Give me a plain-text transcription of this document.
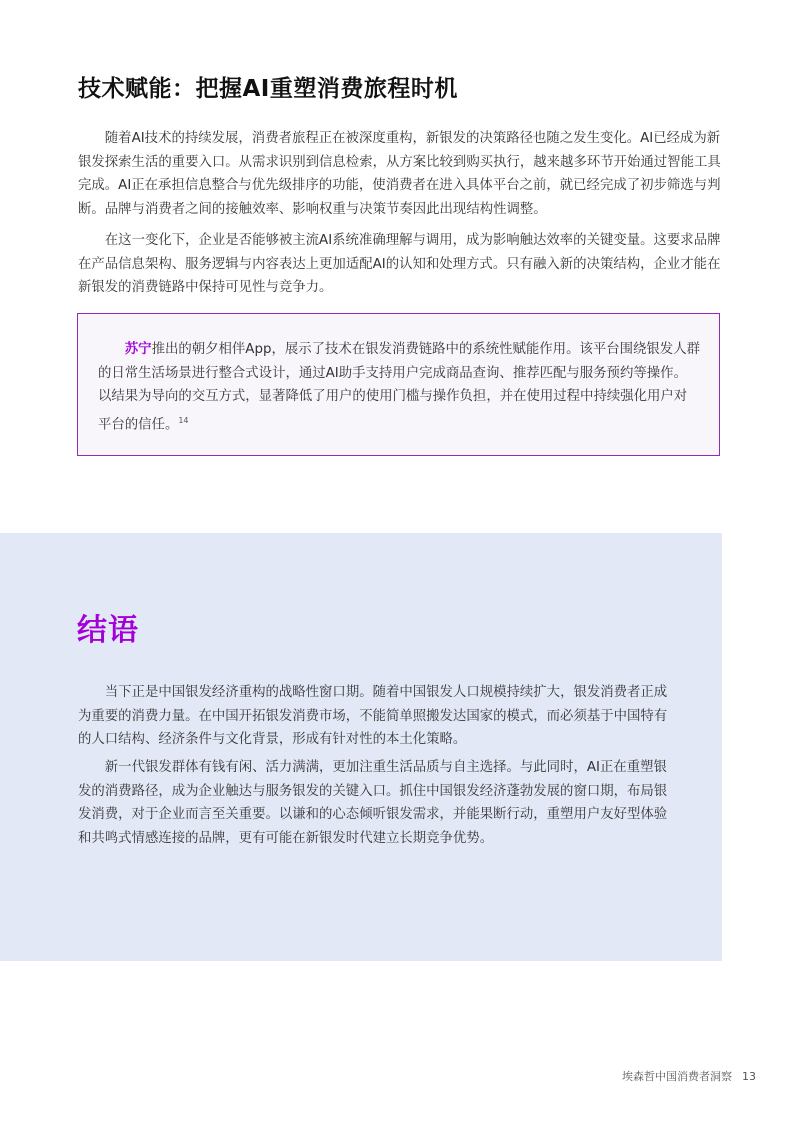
技术赋能：把握AI重塑消费旅程时机

随着AI技术的持续发展，消费者旅程正在被深度重构，新银发的决策路径也随之发生变化。AI已经成为新银发探索生活的重要入口。从需求识别到信息检索，从方案比较到购买执行，越来越多环节开始通过智能工具完成。AI正在承担信息整合与优先级排序的功能，使消费者在进入具体平台之前，就已经完成了初步筛选与判断。品牌与消费者之间的接触效率、影响权重与决策节奏因此出现结构性调整。

在这一变化下，企业是否能够被主流AI系统准确理解与调用，成为影响触达效率的关键变量。这要求品牌在产品信息架构、服务逻辑与内容表达上更加适配AI的认知和处理方式。只有融入新的决策结构，企业才能在新银发的消费链路中保持可见性与竞争力。

苏宁推出的朝夕相伴App，展示了技术在银发消费链路中的系统性赋能作用。该平台围绕银发人群的日常生活场景进行整合式设计，通过AI助手支持用户完成商品查询、推荐匹配与服务预约等操作。以结果为导向的交互方式，显著降低了用户的使用门槛与操作负担，并在使用过程中持续强化用户对平台的信任。$^{14}$

结语

当下正是中国银发经济重构的战略性窗口期。随着中国银发人口规模持续扩大，银发消费者正成为重要的消费力量。在中国开拓银发消费市场，不能简单照搬发达国家的模式，而必须基于中国特有的人口结构、经济条件与文化背景，形成有针对性的本土化策略。

新一代银发群体有钱有闲、活力满满，更加注重生活品质与自主选择。与此同时，AI正在重塑银发的消费路径，成为企业触达与服务银发的关键入口。抓住中国银发经济蓬勃发展的窗口期，布局银发消费，对于企业而言至关重要。以谦和的心态倾听银发需求，并能果断行动，重塑用户友好型体验和共鸣式情感连接的品牌，更有可能在新银发时代建立长期竞争优势。

埃森哲中国消费者洞察 13
